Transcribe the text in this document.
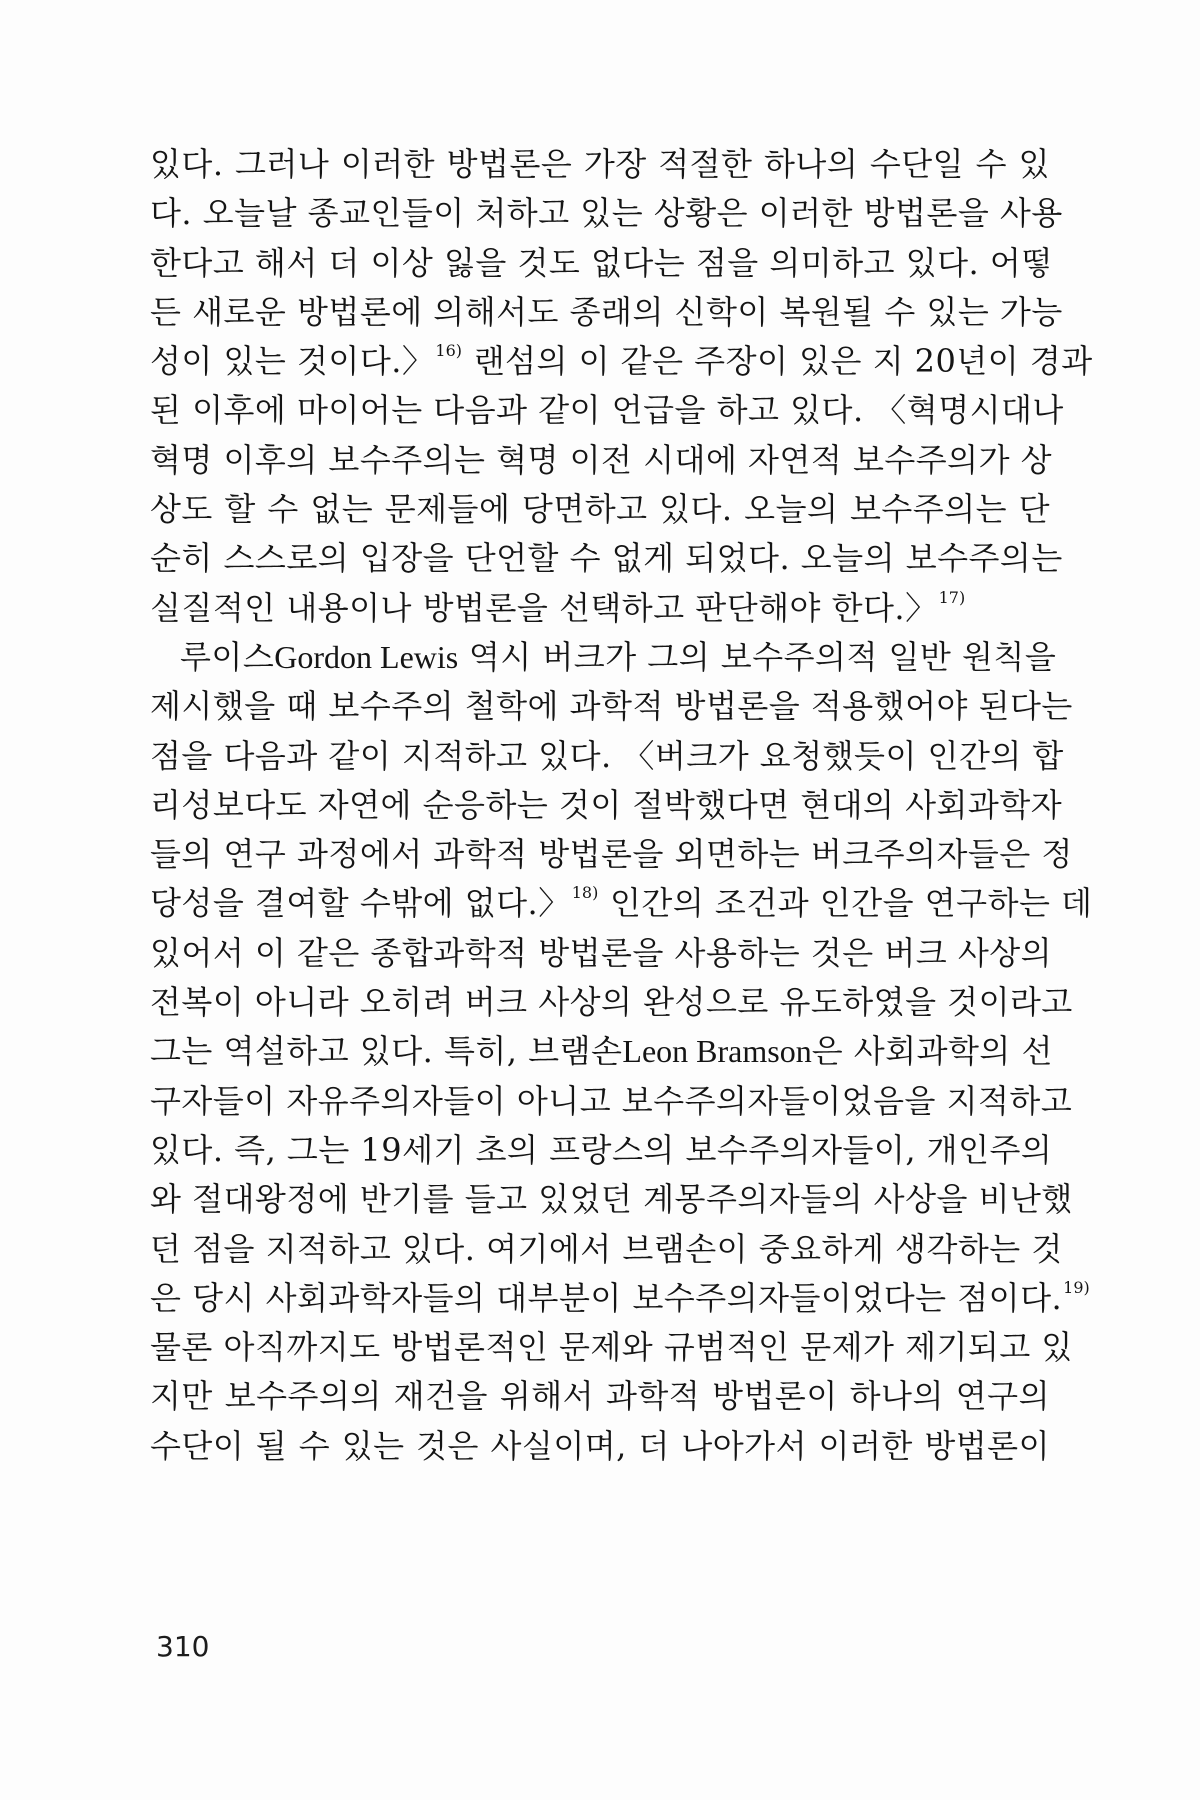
있다. 그러나 이러한 방법론은 가장 적절한 하나의 수단일 수 있
다. 오늘날 종교인들이 처하고 있는 상황은 이러한 방법론을 사용
한다고 해서 더 이상 잃을 것도 없다는 점을 의미하고 있다. 어떻
든 새로운 방법론에 의해서도 종래의 신학이 복원될 수 있는 가능
성이 있는 것이다.〉$^{16)}$ 랜섬의 이 같은 주장이 있은 지 20년이 경과
된 이후에 마이어는 다음과 같이 언급을 하고 있다. 〈혁명시대나
혁명 이후의 보수주의는 혁명 이전 시대에 자연적 보수주의가 상
상도 할 수 없는 문제들에 당면하고 있다. 오늘의 보수주의는 단
순히 스스로의 입장을 단언할 수 없게 되었다. 오늘의 보수주의는
실질적인 내용이나 방법론을 선택하고 판단해야 한다.〉$^{17)}$
루이스Gordon Lewis 역시 버크가 그의 보수주의적 일반 원칙을
제시했을 때 보수주의 철학에 과학적 방법론을 적용했어야 된다는
점을 다음과 같이 지적하고 있다. 〈버크가 요청했듯이 인간의 합
리성보다도 자연에 순응하는 것이 절박했다면 현대의 사회과학자
들의 연구 과정에서 과학적 방법론을 외면하는 버크주의자들은 정
당성을 결여할 수밖에 없다.〉$^{18)}$ 인간의 조건과 인간을 연구하는 데
있어서 이 같은 종합과학적 방법론을 사용하는 것은 버크 사상의
전복이 아니라 오히려 버크 사상의 완성으로 유도하였을 것이라고
그는 역설하고 있다. 특히, 브램손Leon Bramson은 사회과학의 선
구자들이 자유주의자들이 아니고 보수주의자들이었음을 지적하고
있다. 즉, 그는 19세기 초의 프랑스의 보수주의자들이, 개인주의
와 절대왕정에 반기를 들고 있었던 계몽주의자들의 사상을 비난했
던 점을 지적하고 있다. 여기에서 브램손이 중요하게 생각하는 것
은 당시 사회과학자들의 대부분이 보수주의자들이었다는 점이다.$^{19)}$
물론 아직까지도 방법론적인 문제와 규범적인 문제가 제기되고 있
지만 보수주의의 재건을 위해서 과학적 방법론이 하나의 연구의
수단이 될 수 있는 것은 사실이며, 더 나아가서 이러한 방법론이
310
